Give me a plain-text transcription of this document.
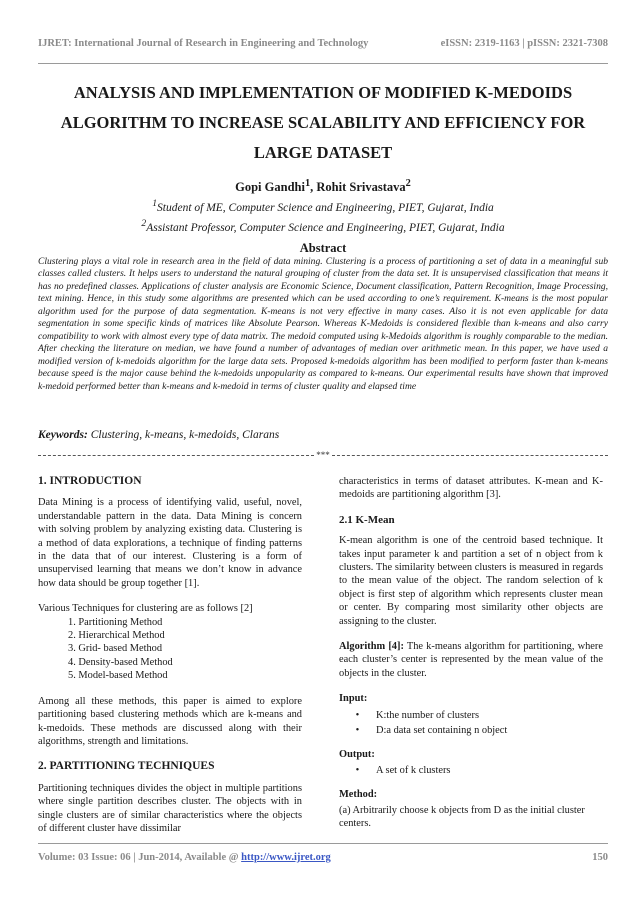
IJRET: International Journal of Research in Engineering and Technology	eISSN: 2319-1163 | pISSN: 2321-7308
ANALYSIS AND IMPLEMENTATION OF MODIFIED K-MEDOIDS
ALGORITHM TO INCREASE SCALABILITY AND EFFICIENCY FOR
LARGE DATASET
Gopi Gandhi$^1$, Rohit Srivastava$^2$
$^1$Student of ME, Computer Science and Engineering, PIET, Gujarat, India
$^2$Assistant Professor, Computer Science and Engineering, PIET, Gujarat, India
Abstract
Clustering plays a vital role in research area in the field of data mining. Clustering is a process of partitioning a set of data in a meaningful sub classes called clusters. It helps users to understand the natural grouping of cluster from the data set. It is unsupervised classification that means it has no predefined classes. Applications of cluster analysis are Economic Science, Document classification, Pattern Recognition, Image Processing, text mining. Hence, in this study some algorithms are presented which can be used according to one’s requirement. K-means is the most popular algorithm used for the purpose of data segmentation. K-means is not very effective in many cases. Also it is not even applicable for data segmentation in some specific kinds of matrices like Absolute Pearson. Whereas K-Medoids is considered flexible than k-means and also carry compatibility to work with almost every type of data matrix. The medoid computed using k-Medoids algorithm is roughly comparable to the median. After checking the literature on median, we have found a number of advantages of median over arithmetic mean. In this paper, we have used a modified version of k-medoids algorithm for the large data sets. Proposed k-medoids algorithm has been modified to perform faster than k-means because speed is the major cause behind the k-medoids unpopularity as compared to k-means. Our experimental results have shown that improved k-medoid performed better than k-means and k-medoid in terms of cluster quality and elapsed time
Keywords: Clustering, k-means, k-medoids, Clarans
***
1. INTRODUCTION

Data Mining is a process of identifying valid, useful, novel, understandable pattern in the data. Data Mining is concern with solving problem by analyzing existing data. Clustering is a method of data explorations, a technique of finding patterns in the data that of our interest. Clustering is a form of unsupervised learning that means we don’t know in advance how data should be group together [1].

Various Techniques for clustering are as follows [2]
1. Partitioning Method
2. Hierarchical Method
3. Grid- based Method
4. Density-based Method
5. Model-based Method

Among all these methods, this paper is aimed to explore partitioning based clustering methods which are k-means and k-medoids. These methods are discussed along with their algorithms, strength and limitations.

2. PARTITIONING TECHNIQUES

Partitioning techniques divides the object in multiple partitions where single partition describes cluster. The objects with in single clusters are of similar characteristics where the objects of different cluster have dissimilar

characteristics in terms of dataset attributes. K-mean and K-medoids are partitioning algorithm [3].

2.1 K-Mean

K-mean algorithm is one of the centroid based technique. It takes input parameter k and partition a set of n object from k clusters. The similarity between clusters is measured in regards to the mean value of the object. The random selection of k object is first step of algorithm which represents cluster mean or center. By comparing most similarity other objects are assigning to the cluster.

Algorithm [4]: The k-means algorithm for partitioning, where each cluster’s center is represented by the mean value of the objects in the cluster.

Input:
•	K:the number of clusters
•	D:a data set containing n object
Output:
•	A set of k clusters
Method:
(a) Arbitrarily choose k objects from D as the initial cluster centers.
Volume: 03 Issue: 06 | Jun-2014, Available @ http://www.ijret.org	150
